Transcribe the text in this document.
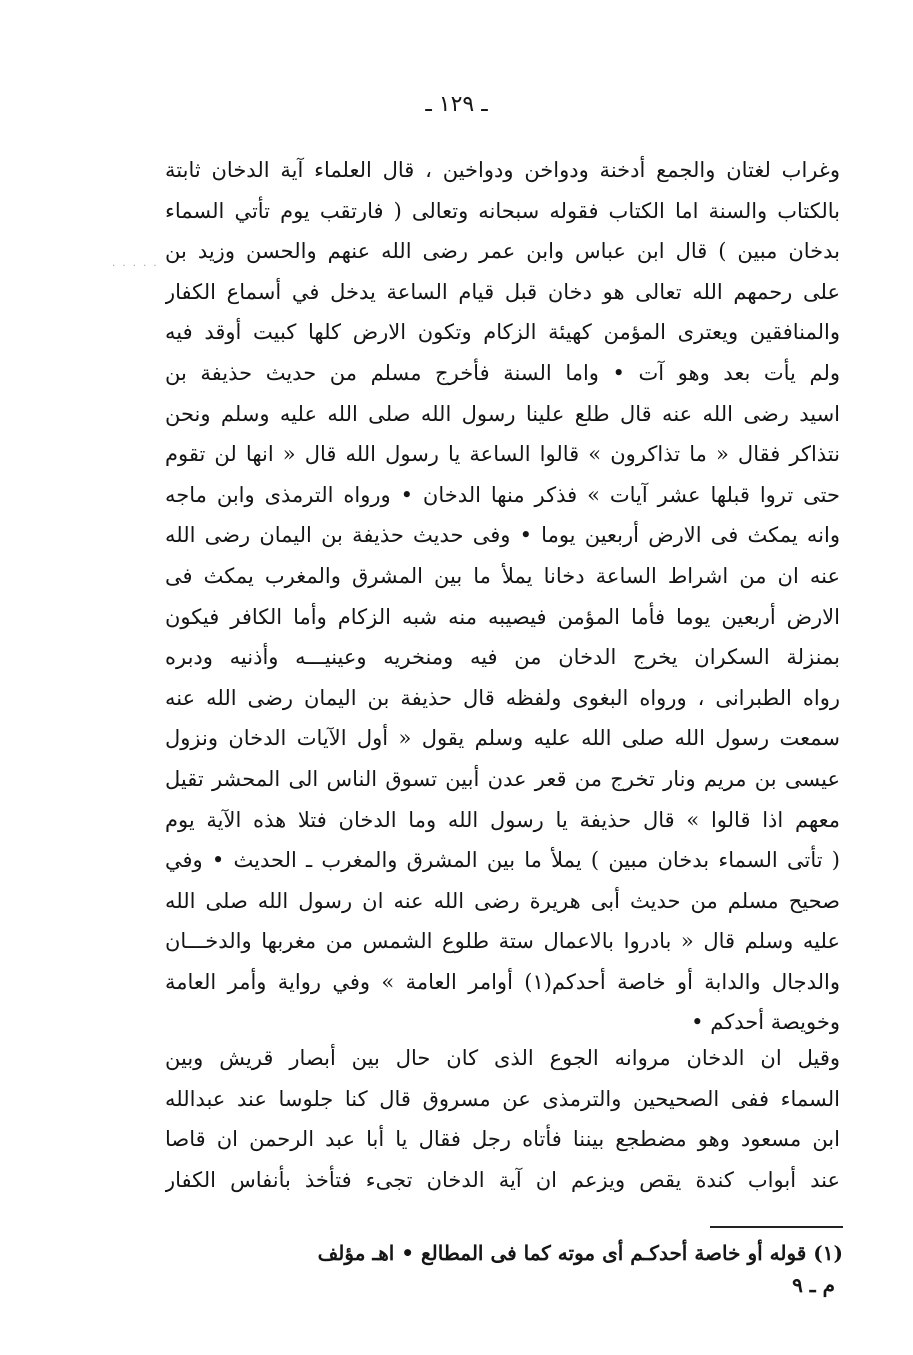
ـ ١٢٩ ـ
. . . . .
وغراب لغتان والجمع أدخنة ودواخن ودواخين ، قال العلماء آية الدخان ثابتة
بالكتاب والسنة اما الكتاب فقوله سبحانه وتعالى ( فارتقب يوم تأتي السماء
بدخان مبين ) قال ابن عباس وابن عمر رضى الله عنهم والحسن وزيد بن
على رحمهم الله تعالى هو دخان قبل قيام الساعة يدخل في أسماع الكفار
والمنافقين ويعترى المؤمن كهيئة الزكام وتكون الارض كلها كبيت أوقد فيه
ولم يأت بعد وهو آت • واما السنة فأخرج مسلم من حديث حذيفة بن
اسيد رضى الله عنه قال طلع علينا رسول الله صلى الله عليه وسلم ونحن
نتذاكر فقال « ما تذاكرون » قالوا الساعة يا رسول الله قال « انها لن تقوم
حتى تروا قبلها عشر آيات » فذكر منها الدخان • ورواه الترمذى وابن ماجه
وانه يمكث فى الارض أربعين يوما • وفى حديث حذيفة بن اليمان رضى الله
عنه ان من اشراط الساعة دخانا يملأ ما بين المشرق والمغرب يمكث فى
الارض أربعين يوما فأما المؤمن فيصيبه منه شبه الزكام وأما الكافر فيكون
بمنزلة السكران يخرج الدخان من فيه ومنخريه وعينيـــه وأذنيه ودبره
رواه الطبرانى ، ورواه البغوى ولفظه قال حذيفة بن اليمان رضى الله عنه
سمعت رسول الله صلى الله عليه وسلم يقول « أول الآيات الدخان ونزول
عيسى بن مريم ونار تخرج من قعر عدن أبين تسوق الناس الى المحشر تقيل
معهم اذا قالوا » قال حذيفة يا رسول الله وما الدخان فتلا هذه الآية يوم
( تأتى السماء بدخان مبين ) يملأ ما بين المشرق والمغرب ـ الحديث • وفي
صحيح مسلم من حديث أبى هريرة رضى الله عنه ان رسول الله صلى الله
عليه وسلم قال « بادروا بالاعمال ستة طلوع الشمس من مغربها والدخـــان
والدجال والدابة أو خاصة أحدكم(١) أوامر العامة » وفي رواية وأمر العامة
وخويصة أحدكم •
وقيل ان الدخان مروانه الجوع الذى كان حال بين أبصار قريش وبين
السماء ففى الصحيحين والترمذى عن مسروق قال كنا جلوسا عند عبدالله
ابن مسعود وهو مضطجع بيننا فأتاه رجل فقال يا أبا عبد الرحمن ان قاصا
عند أبواب كندة يقص ويزعم ان آية الدخان تجىء فتأخذ بأنفاس الكفار
(١) قوله أو خاصة أحدكـم أى موته كما فى المطالع • اهـ مؤلف
م ـ ٩
